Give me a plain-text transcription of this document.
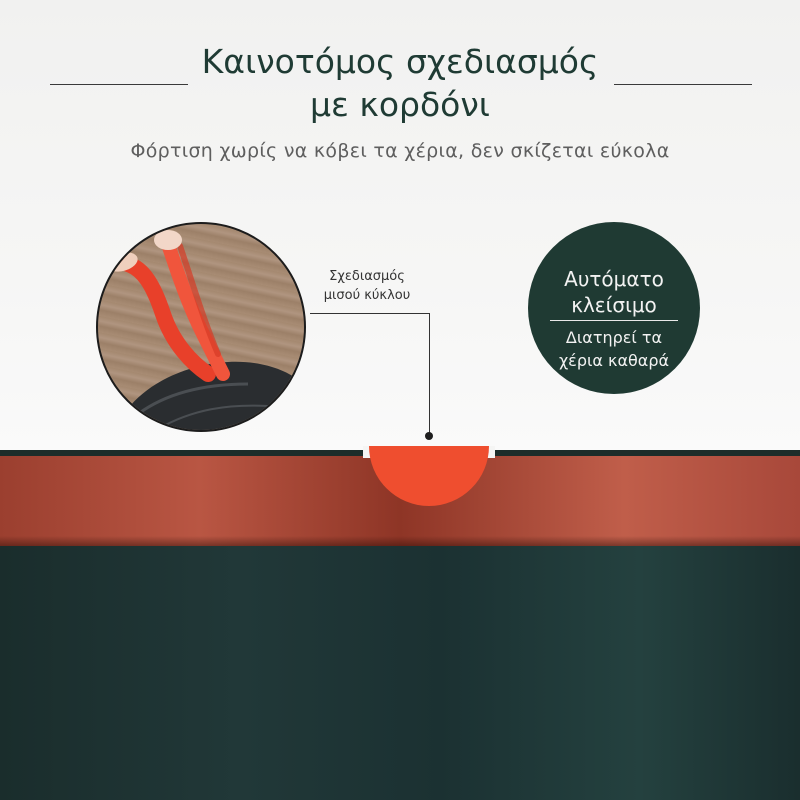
Καινοτόμος σχεδιασμός
με κορδόνι
Φόρτιση χωρίς να κόβει τα χέρια, δεν σκίζεται εύκολα
Σχεδιασμός
μισού κύκλου
Αυτόματο
κλείσιμο
Διατηρεί τα
χέρια καθαρά
